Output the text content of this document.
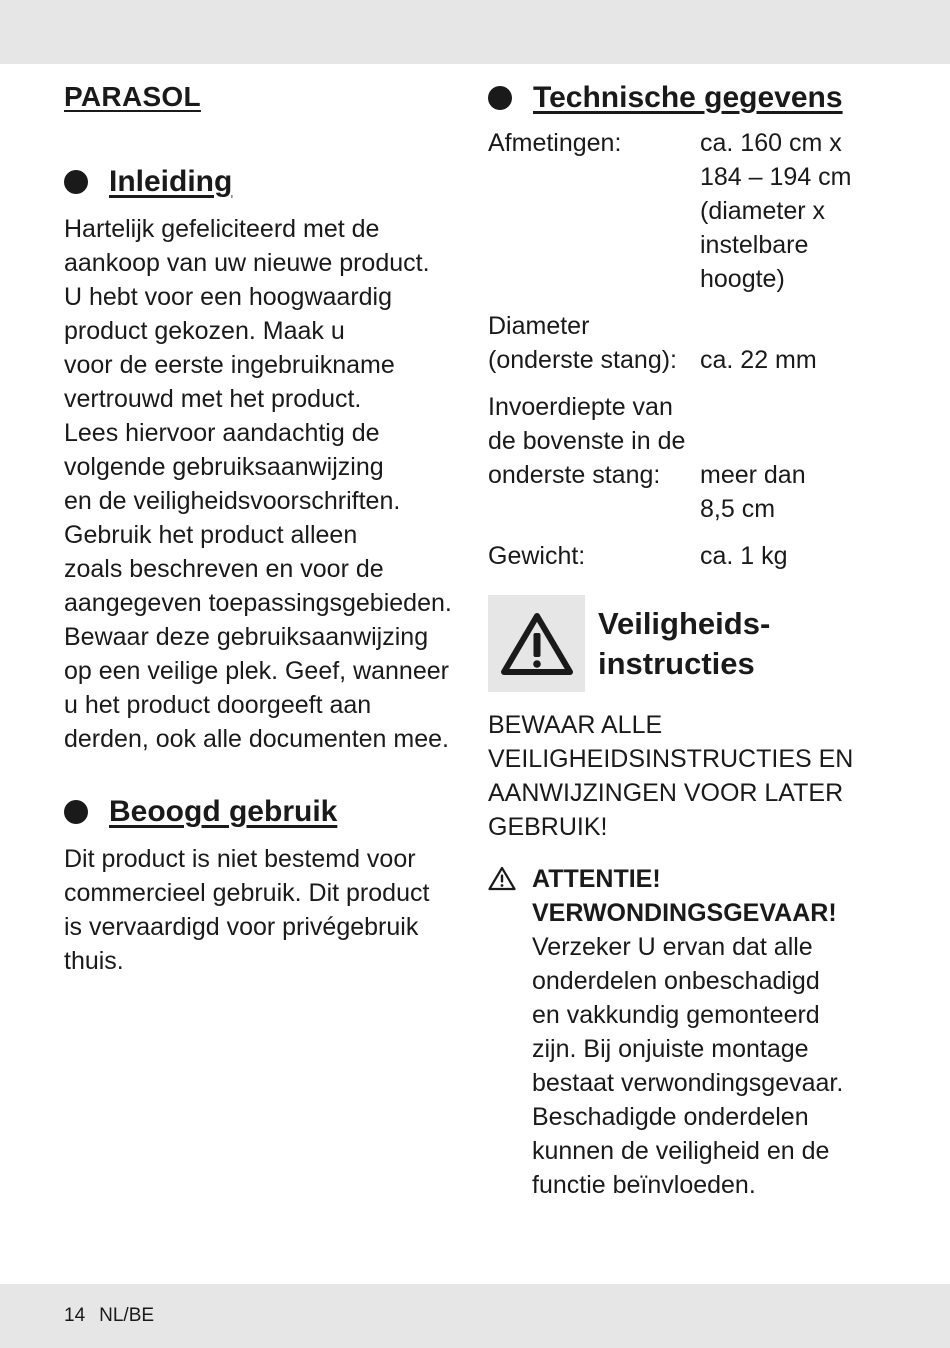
PARASOL
Inleiding

Hartelijk gefeliciteerd met de
aankoop van uw nieuwe product.
U hebt voor een hoogwaardig
product gekozen. Maak u
voor de eerste ingebruikname
vertrouwd met het product.
Lees hiervoor aandachtig de
volgende gebruiksaanwijzing
en de veiligheidsvoorschriften.
Gebruik het product alleen
zoals beschreven en voor de
aangegeven toepassingsgebieden.
Bewaar deze gebruiksaanwijzing
op een veilige plek. Geef, wanneer
u het product doorgeeft aan
derden, ook alle documenten mee.

Beoogd gebruik

Dit product is niet bestemd voor
commercieel gebruik. Dit product
is vervaardigd voor privégebruik
thuis.

Technische gegevens
Afmetingen:	ca. 160 cm x
184 – 194 cm
(diameter x
instelbare
hoogte)
Diameter
(onderste stang):	ca. 22 mm
Invoerdiepte van
de bovenste in de
onderste stang:	meer dan
8,5 cm
Gewicht:	ca. 1 kg
Veiligheids-
instructies
BEWAAR ALLE
VEILIGHEIDSINSTRUCTIES EN
AANWIJZINGEN VOOR LATER
GEBRUIK!
ATTENTIE!
VERWONDINGSGEVAAR!
Verzeker U ervan dat alle
onderdelen onbeschadigd
en vakkundig gemonteerd
zijn. Bij onjuiste montage
bestaat verwondingsgevaar.
Beschadigde onderdelen
kunnen de veiligheid en de
functie beïnvloeden.
14 NL/BE
